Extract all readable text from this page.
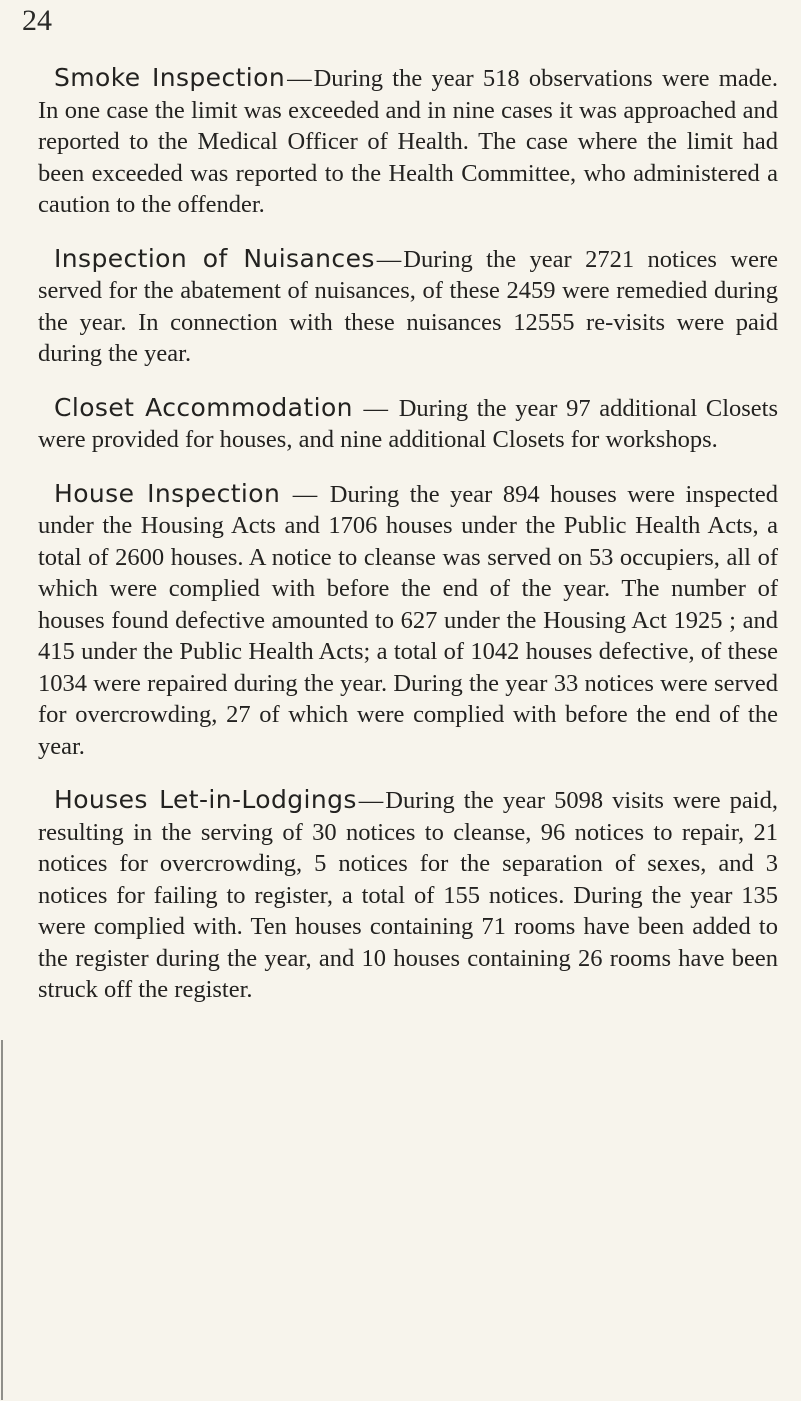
24

Smoke Inspection—During the year 518 observations were made. In one case the limit was exceeded and in nine cases it was approached and reported to the Medical Officer of Health. The case where the limit had been exceeded was reported to the Health Committee, who administered a caution to the offender.

Inspection of Nuisances—During the year 2721 notices were served for the abatement of nuisances, of these 2459 were remedied during the year. In connection with these nuisances 12555 re-visits were paid during the year.

Closet Accommodation — During the year 97 additional Closets were provided for houses, and nine additional Closets for workshops.

House Inspection — During the year 894 houses were inspected under the Housing Acts and 1706 houses under the Public Health Acts, a total of 2600 houses. A notice to cleanse was served on 53 occupiers, all of which were complied with before the end of the year. The number of houses found defective amounted to 627 under the Housing Act 1925 ; and 415 under the Public Health Acts; a total of 1042 houses defective, of these 1034 were repaired during the year. During the year 33 notices were served for overcrowding, 27 of which were complied with before the end of the year.

Houses Let-in-Lodgings—During the year 5098 visits were paid, resulting in the serving of 30 notices to cleanse, 96 notices to repair, 21 notices for overcrowding, 5 notices for the separation of sexes, and 3 notices for failing to register, a total of 155 notices. During the year 135 were complied with. Ten houses containing 71 rooms have been added to the register during the year, and 10 houses containing 26 rooms have been struck off the register.
